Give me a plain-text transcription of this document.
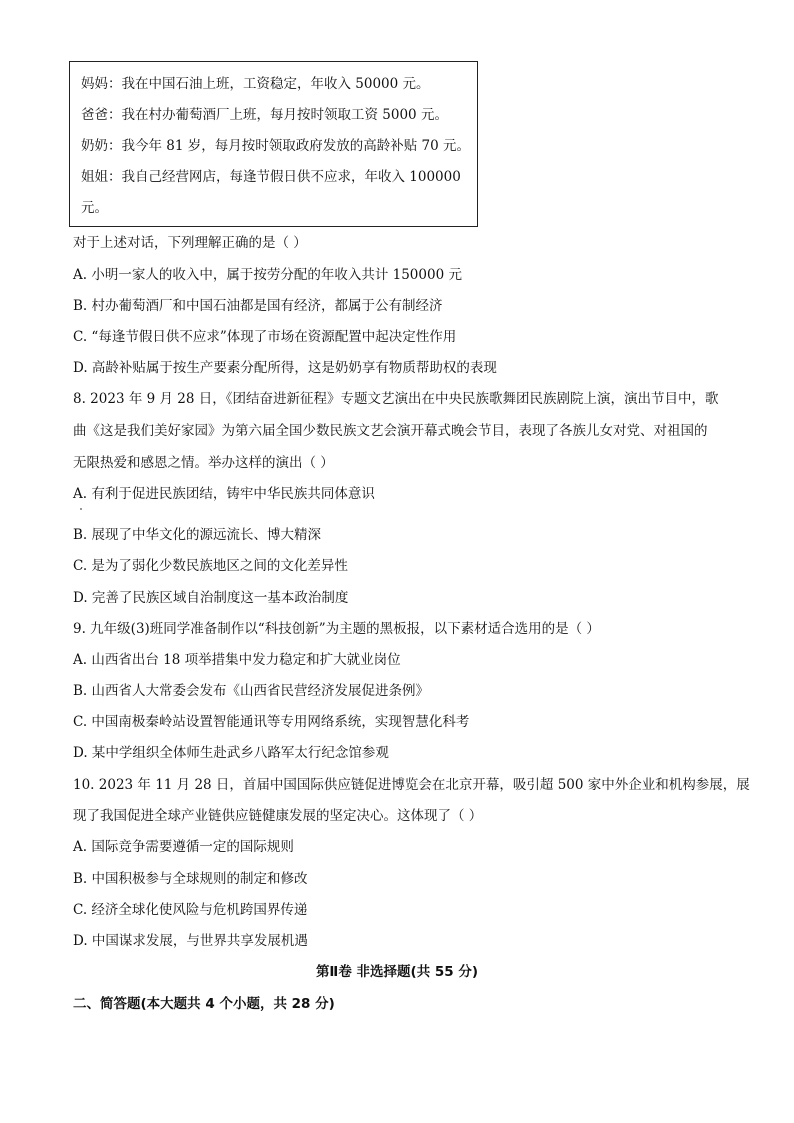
妈妈：我在中国石油上班，工资稳定，年收入 50000 元。
爸爸：我在村办葡萄酒厂上班，每月按时领取工资 5000 元。
奶奶：我今年 81 岁，每月按时领取政府发放的高龄补贴 70 元。
姐姐：我自己经营网店，每逢节假日供不应求，年收入 100000
元。
对于上述对话，下列理解正确的是（ ）
A. 小明一家人的收入中，属于按劳分配的年收入共计 150000 元
B. 村办葡萄酒厂和中国石油都是国有经济，都属于公有制经济
C. “每逢节假日供不应求”体现了市场在资源配置中起决定性作用
D. 高龄补贴属于按生产要素分配所得，这是奶奶享有物质帮助权的表现
8. 2023 年 9 月 28 日，《团结奋进新征程》专题文艺演出在中央民族歌舞团民族剧院上演，演出节目中，歌
曲《这是我们美好家园》为第六届全国少数民族文艺会演开幕式晚会节目，表现了各族儿女对党、对祖国的
无限热爱和感恩之情。举办这样的演出（ ）
A. 有利于促进民族团结，铸牢中华民族共同体意识
B. 展现了中华文化的源远流长、博大精深
C. 是为了弱化少数民族地区之间的文化差异性
D. 完善了民族区域自治制度这一基本政治制度
9. 九年级(3)班同学准备制作以“科技创新”为主题的黑板报，以下素材适合选用的是（ ）
A. 山西省出台 18 项举措集中发力稳定和扩大就业岗位
B. 山西省人大常委会发布《山西省民营经济发展促进条例》
C. 中国南极秦岭站设置智能通讯等专用网络系统，实现智慧化科考
D. 某中学组织全体师生赴武乡八路军太行纪念馆参观
10. 2023 年 11 月 28 日，首届中国国际供应链促进博览会在北京开幕，吸引超 500 家中外企业和机构参展，展
现了我国促进全球产业链供应链健康发展的坚定决心。这体现了（ ）
A. 国际竞争需要遵循一定的国际规则
B. 中国积极参与全球规则的制定和修改
C. 经济全球化使风险与危机跨国界传递
D. 中国谋求发展，与世界共享发展机遇
第Ⅱ卷 非选择题(共 55 分)
二、简答题(本大题共 4 个小题，共 28 分)
